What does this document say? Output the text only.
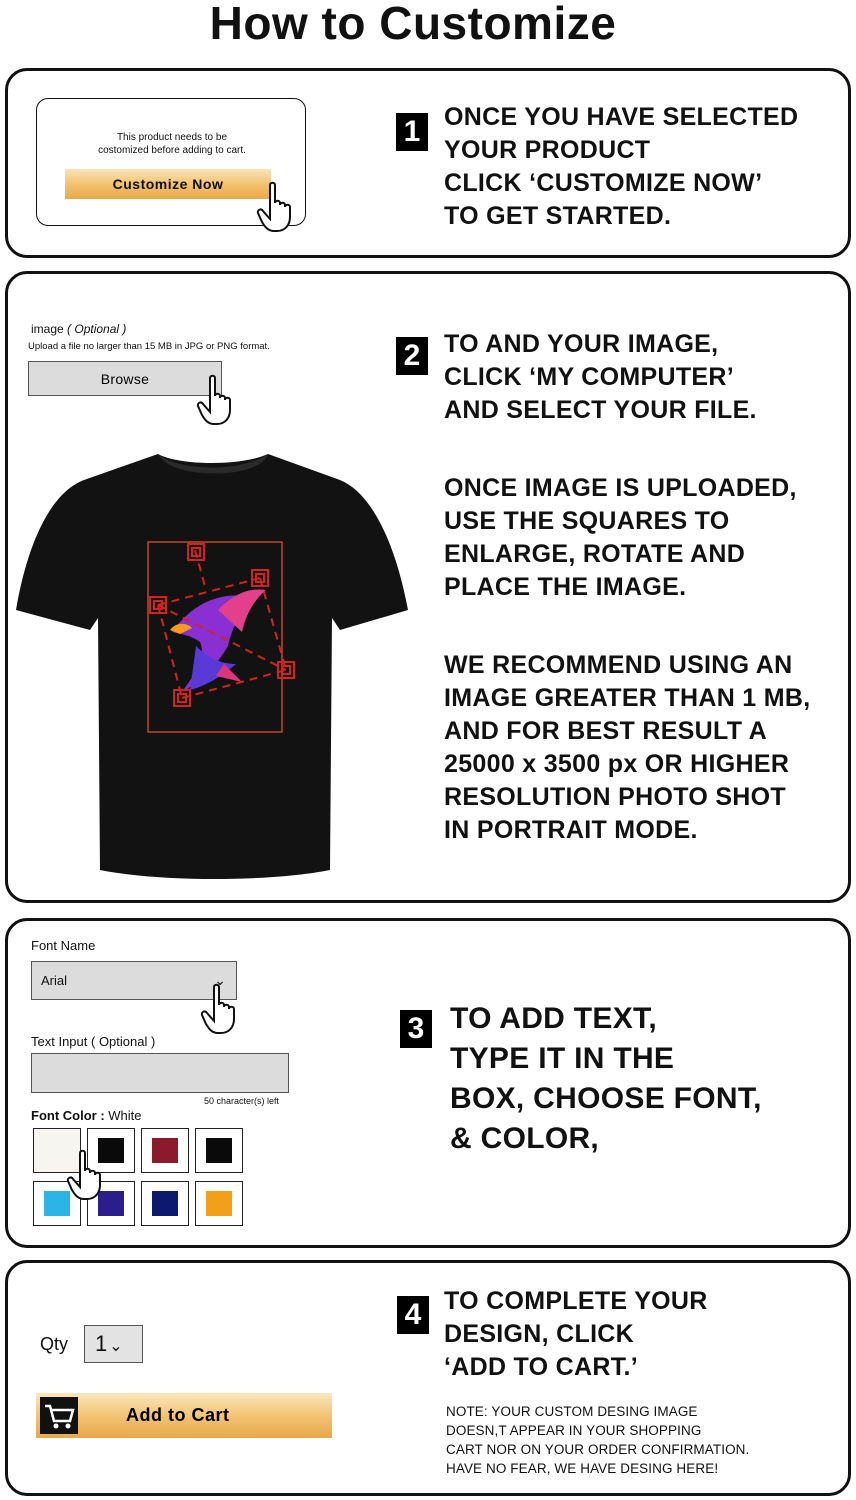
How to Customize
This product needs to be
costomized before adding to cart.
Customize Now
1 ONCE YOU HAVE SELECTED
YOUR PRODUCT
CLICK ‘CUSTOMIZE NOW’
TO GET STARTED.
image ( Optional )
Upload a file no larger than 15 MB in JPG or PNG format.
Browse
2 TO AND YOUR IMAGE,
CLICK ‘MY COMPUTER’
AND SELECT YOUR FILE.
ONCE IMAGE IS UPLOADED,
USE THE SQUARES TO
ENLARGE, ROTATE AND
PLACE THE IMAGE.
WE RECOMMEND USING AN
IMAGE GREATER THAN 1 MB,
AND FOR BEST RESULT A
25000 x 3500 px OR HIGHER
RESOLUTION PHOTO SHOT
IN PORTRAIT MODE.
Font Name
Arial	⌄
Text Input ( Optional )
50 character(s) left
Font Color : White
3 TO ADD TEXT,
TYPE IT IN THE
BOX, CHOOSE FONT,
& COLOR,
Qty	1 ⌄
Add to Cart
4 TO COMPLETE YOUR
DESIGN, CLICK
‘ADD TO CART.’
NOTE: YOUR CUSTOM DESING IMAGE
DOESN,T APPEAR IN YOUR SHOPPING
CART NOR ON YOUR ORDER CONFIRMATION.
HAVE NO FEAR, WE HAVE DESING HERE!
